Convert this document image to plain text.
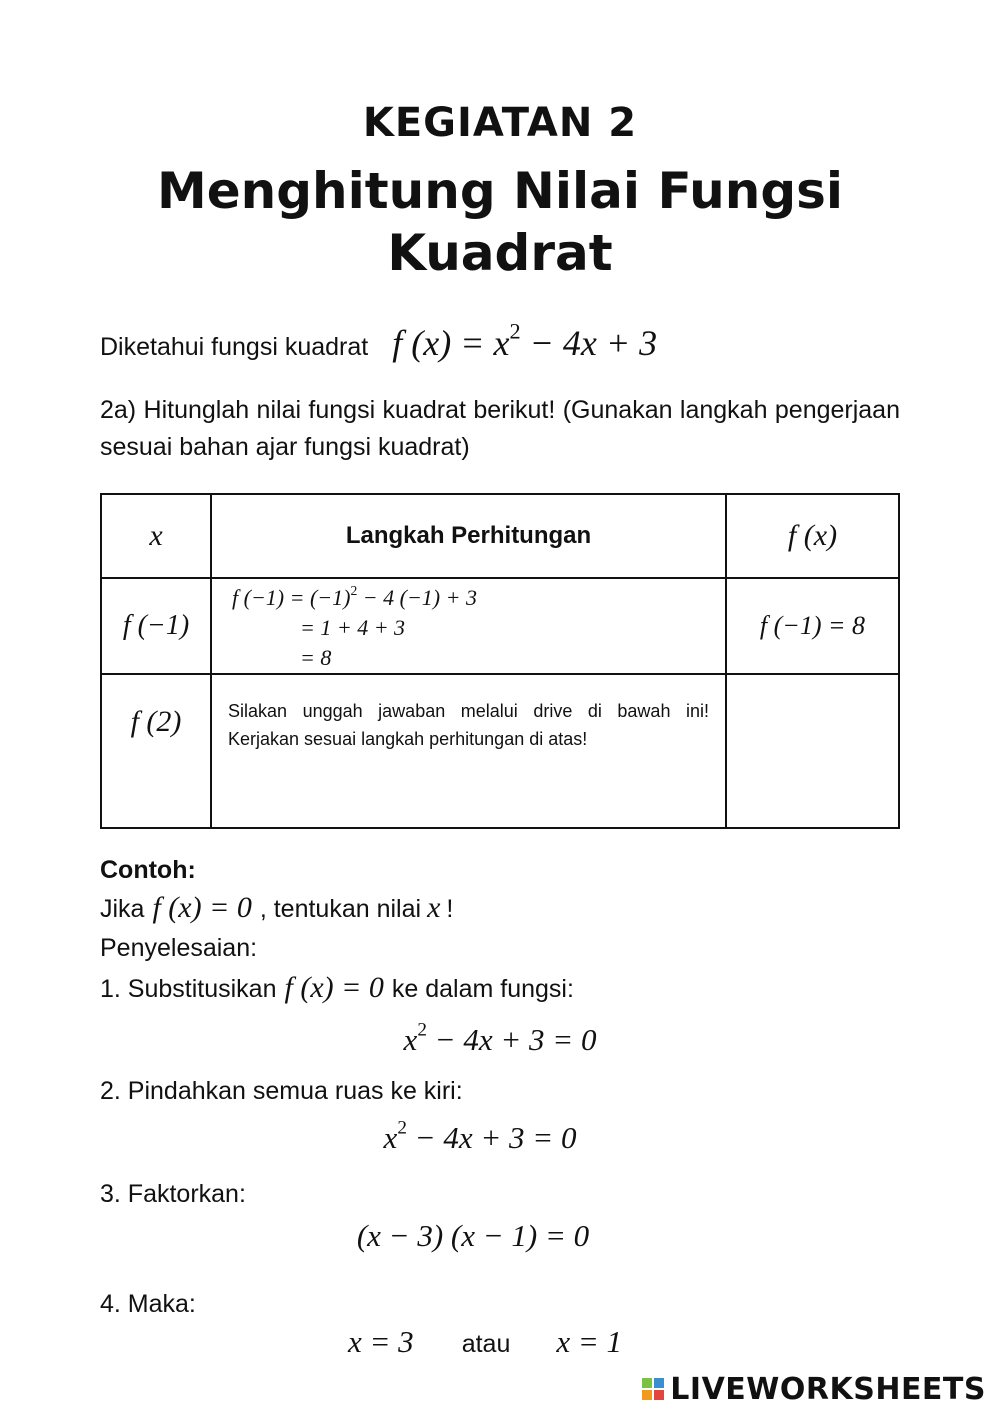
KEGIATAN 2
Menghitung Nilai Fungsi
Kuadrat
Diketahui fungsi kuadrat f $(x) = x^2 - 4x + 3$
2a) Hitunglah nilai fungsi kuadrat berikut! (Gunakan langkah pengerjaan sesuai bahan ajar fungsi kuadrat)
x	Langkah Perhitungan	f (x)
f (−1)	f $(-1) = (-1)^2 - 4$ (−1) + 3
= 1 + 4 + 3
= 8	f (−1) = 8
f (2)	Silakan unggah jawaban melalui drive di bawah ini! Kerjakan sesuai langkah perhitungan di atas!	
Contoh:
Jika f (x) = 0 , tentukan nilai x !
Penyelesaian:
1. Substitusikan f (x) = 0 ke dalam fungsi:
$x^2 - 4x + 3 = 0$
2. Pindahkan semua ruas ke kiri:
$x^2 - 4x + 3 = 0$
3. Faktorkan:
(x − 3) (x − 1) = 0
4. Maka:
x = 3 atau x = 1
LIVEWORKSHEETS
